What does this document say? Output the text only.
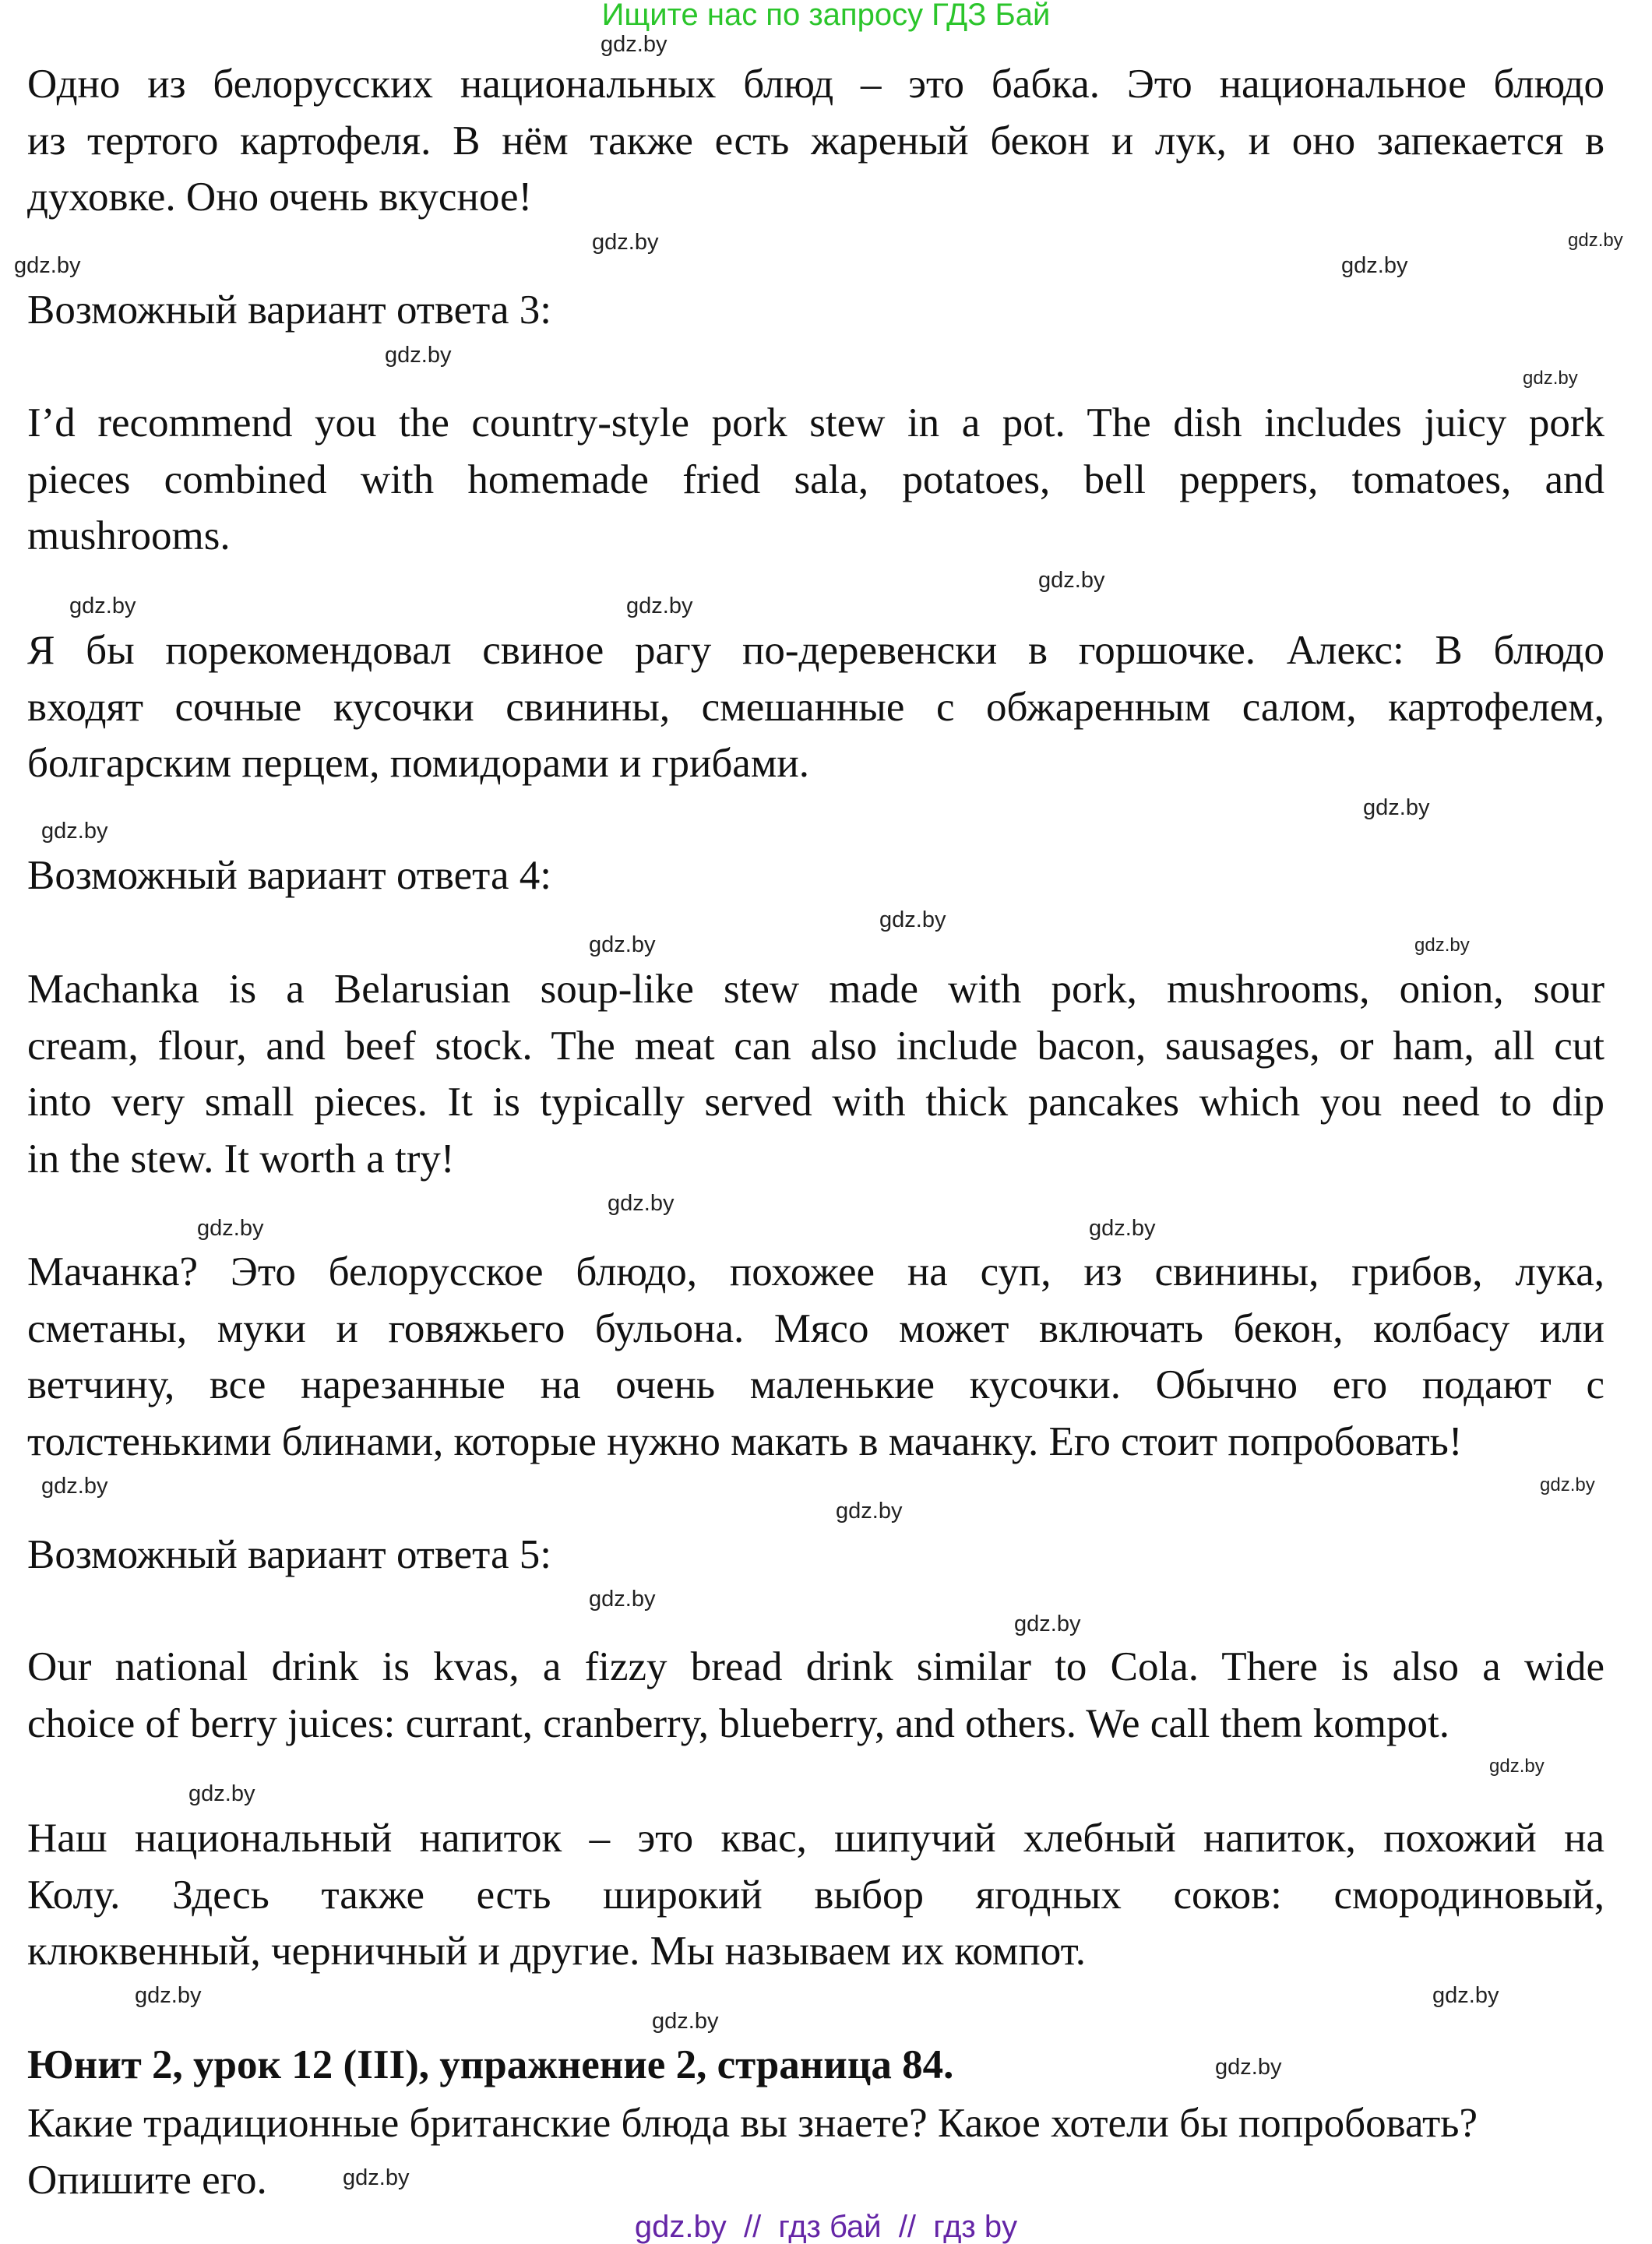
Ищите нас по запросу ГДЗ Бай
Одно из белорусских национальных блюд – это бабка. Это национальное блюдо
из тертого картофеля. В нём также есть жареный бекон и лук, и оно запекается в
духовке. Оно очень вкусное!
Возможный вариант ответа 3:
I’d recommend you the country-style pork stew in a pot. The dish includes juicy pork
pieces combined with homemade fried sala, potatoes, bell peppers, tomatoes, and
mushrooms.
Я бы порекомендовал свиное рагу по-деревенски в горшочке. Алекс: В блюдо
входят сочные кусочки свинины, смешанные с обжаренным салом, картофелем,
болгарским перцем, помидорами и грибами.
Возможный вариант ответа 4:
Machanka is a Belarusian soup-like stew made with pork, mushrooms, onion, sour
cream, flour, and beef stock. The meat can also include bacon, sausages, or ham, all cut
into very small pieces. It is typically served with thick pancakes which you need to dip
in the stew. It worth a try!
Мачанка? Это белорусское блюдо, похожее на суп, из свинины, грибов, лука,
сметаны, муки и говяжьего бульона. Мясо может включать бекон, колбасу или
ветчину, все нарезанные на очень маленькие кусочки. Обычно его подают с
толстенькими блинами, которые нужно макать в мачанку. Его стоит попробовать!
Возможный вариант ответа 5:
Our national drink is kvas, a fizzy bread drink similar to Cola. There is also a wide
choice of berry juices: currant, cranberry, blueberry, and others. We call them kompot.
Наш национальный напиток – это квас, шипучий хлебный напиток, похожий на
Колу. Здесь также есть широкий выбор ягодных соков: смородиновый,
клюквенный, черничный и другие. Мы называем их компот.
Юнит 2, урок 12 (III), упражнение 2, страница 84.
Какие традиционные британские блюда вы знаете? Какое хотели бы попробовать?
Опишите его.
gdz.by
gdz.by
gdz.by
gdz.by	gdz.by
gdz.by
gdz.by
gdz.by
gdz.by	gdz.by
gdz.by
gdz.by
gdz.by
gdz.by	gdz.by
gdz.by
gdz.by	gdz.by
gdz.by
gdz.by
gdz.by
gdz.by
gdz.by
gdz.by
gdz.by
gdz.by
gdz.by
gdz.by
gdz.by
gdz.by
gdz.by  //  гдз бай  //  гдз by
